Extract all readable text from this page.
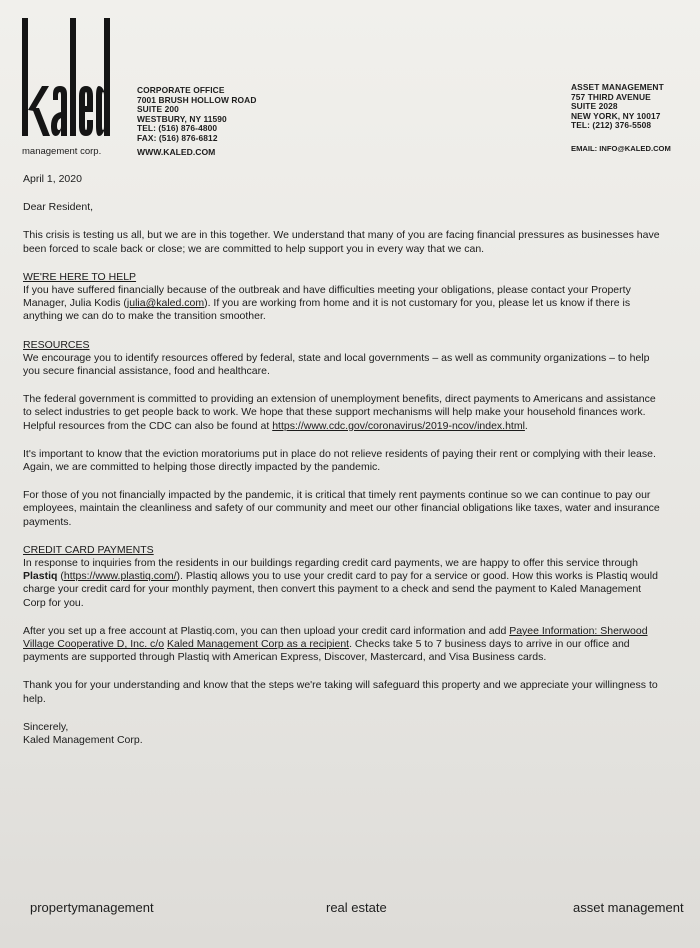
management corp.
CORPORATE OFFICE
7001 BRUSH HOLLOW ROAD
SUITE 200
WESTBURY, NY 11590
TEL: (516) 876-4800
FAX: (516) 876-6812
WWW.KALED.COM
ASSET MANAGEMENT
757 THIRD AVENUE
SUITE 2028
NEW YORK, NY 10017
TEL: (212) 376-5508
EMAIL: INFO@KALED.COM

April 1, 2020

Dear Resident,

This crisis is testing us all, but we are in this together. We understand that many of you are facing financial pressures as businesses have been forced to scale back or close; we are committed to help support you in every way that we can.

WE'RE HERE TO HELP

If you have suffered financially because of the outbreak and have difficulties meeting your obligations, please contact your Property Manager, Julia Kodis (julia@kaled.com). If you are working from home and it is not customary for you, please let us know if there is anything we can do to make the transition smoother.

RESOURCES

We encourage you to identify resources offered by federal, state and local governments – as well as community organizations – to help you secure financial assistance, food and healthcare.

The federal government is committed to providing an extension of unemployment benefits, direct payments to Americans and assistance to select industries to get people back to work. We hope that these support mechanisms will help make your household finances work. Helpful resources from the CDC can also be found at https://www.cdc.gov/coronavirus/2019-ncov/index.html.

It's important to know that the eviction moratoriums put in place do not relieve residents of paying their rent or complying with their lease. Again, we are committed to helping those directly impacted by the pandemic.

For those of you not financially impacted by the pandemic, it is critical that timely rent payments continue so we can continue to pay our employees, maintain the cleanliness and safety of our community and meet our other financial obligations like taxes, water and insurance payments.

CREDIT CARD PAYMENTS

In response to inquiries from the residents in our buildings regarding credit card payments, we are happy to offer this service through Plastiq (https://www.plastiq.com/). Plastiq allows you to use your credit card to pay for a service or good. How this works is Plastiq would charge your credit card for your monthly payment, then convert this payment to a check and send the payment to Kaled Management Corp for you.

After you set up a free account at Plastiq.com, you can then upload your credit card information and add Payee Information: Sherwood Village Cooperative D, Inc. c/o Kaled Management Corp as a recipient. Checks take 5 to 7 business days to arrive in our office and payments are supported through Plastiq with American Express, Discover, Mastercard, and Visa Business cards.

Thank you for your understanding and know that the steps we're taking will safeguard this property and we appreciate your willingness to help.

Sincerely,

Kaled Management Corp.

propertymanagement	real estate	asset management
